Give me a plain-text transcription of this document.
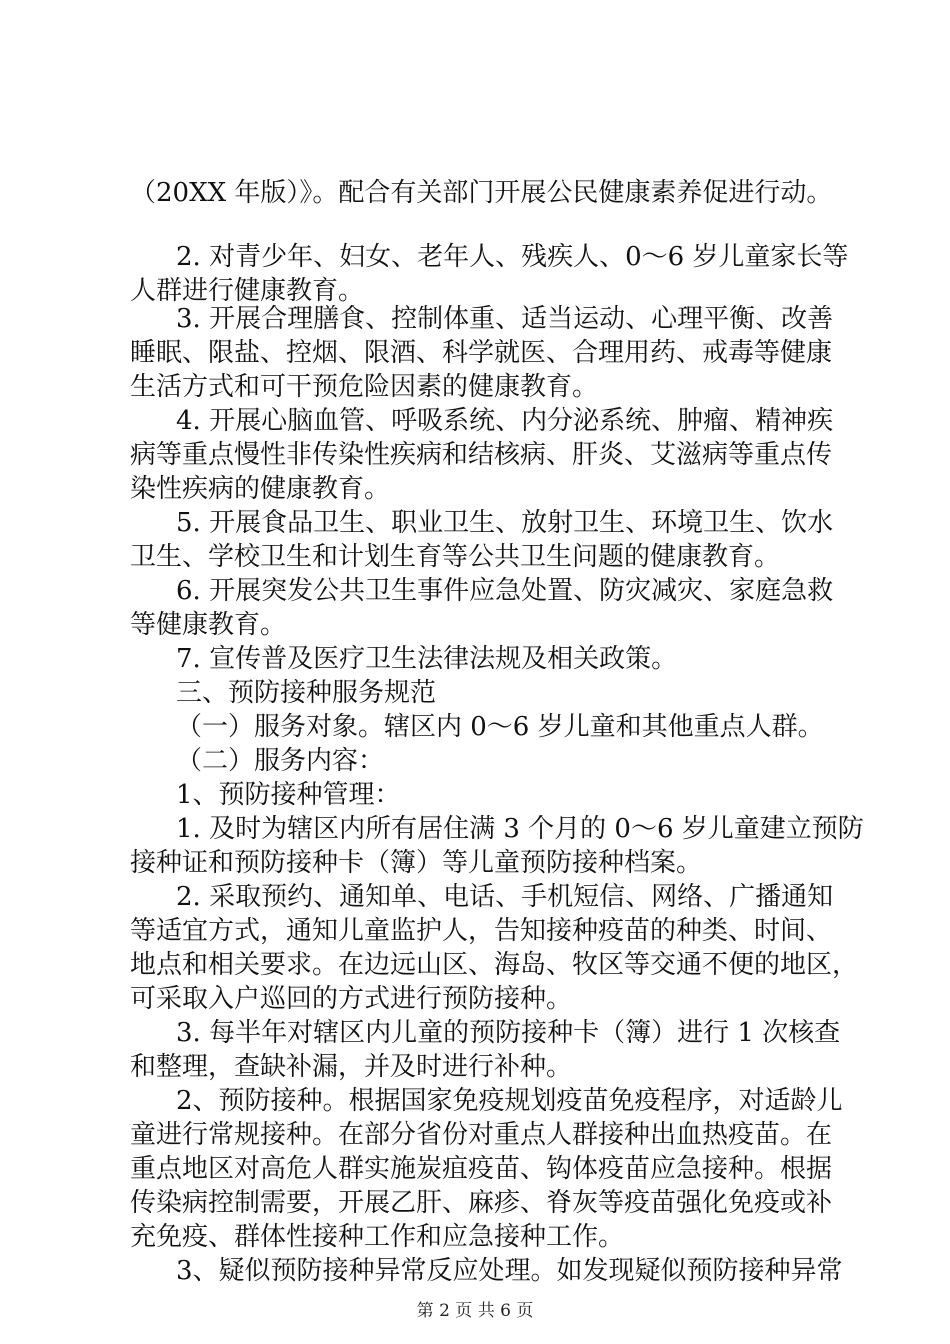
（20XX 年版）》。配合有关部门开展公民健康素养促进行动。
2. 对青少年、妇女、老年人、残疾人、0～6 岁儿童家长等
人群进行健康教育。
3. 开展合理膳食、控制体重、适当运动、心理平衡、改善
睡眠、限盐、控烟、限酒、科学就医、合理用药、戒毒等健康
生活方式和可干预危险因素的健康教育。
4. 开展心脑血管、呼吸系统、内分泌系统、肿瘤、精神疾
病等重点慢性非传染性疾病和结核病、肝炎、艾滋病等重点传
染性疾病的健康教育。
5. 开展食品卫生、职业卫生、放射卫生、环境卫生、饮水
卫生、学校卫生和计划生育等公共卫生问题的健康教育。
6. 开展突发公共卫生事件应急处置、防灾减灾、家庭急救
等健康教育。
7. 宣传普及医疗卫生法律法规及相关政策。
三、预防接种服务规范
（一）服务对象。辖区内 0～6 岁儿童和其他重点人群。
（二）服务内容：
1、预防接种管理：
1. 及时为辖区内所有居住满 3 个月的 0～6 岁儿童建立预防
接种证和预防接种卡（簿）等儿童预防接种档案。
2. 采取预约、通知单、电话、手机短信、网络、广播通知
等适宜方式，通知儿童监护人，告知接种疫苗的种类、时间、
地点和相关要求。在边远山区、海岛、牧区等交通不便的地区，
可采取入户巡回的方式进行预防接种。
3. 每半年对辖区内儿童的预防接种卡（簿）进行 1 次核查
和整理，查缺补漏，并及时进行补种。
2、预防接种。根据国家免疫规划疫苗免疫程序，对适龄儿
童进行常规接种。在部分省份对重点人群接种出血热疫苗。在
重点地区对高危人群实施炭疽疫苗、钩体疫苗应急接种。根据
传染病控制需要，开展乙肝、麻疹、脊灰等疫苗强化免疫或补
充免疫、群体性接种工作和应急接种工作。
3、疑似预防接种异常反应处理。如发现疑似预防接种异常
第 2 页 共 6 页
